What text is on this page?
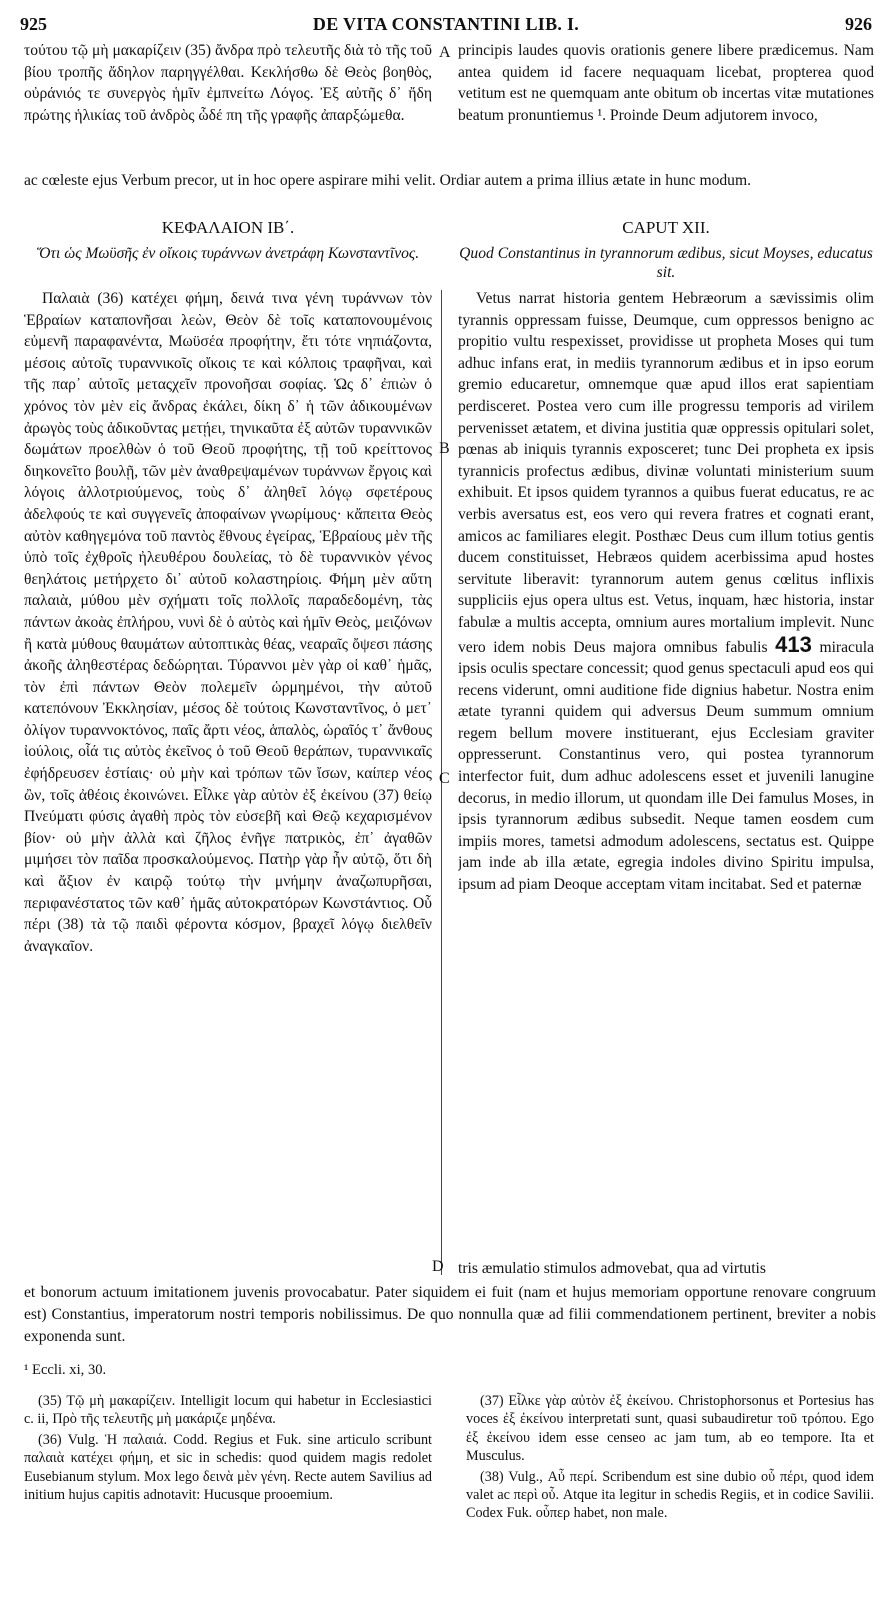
925	DE VITA CONSTANTINI LIB. I.	926

τούτου τῷ μὴ μακαρίζειν (35) ἄνδρα πρὸ τελευτῆς διὰ τὸ τῆς τοῦ βίου τροπῆς ἄδηλον παρηγγέλθαι. Κεκλήσθω δὲ Θεὸς βοηθὸς, οὐράνιός τε συνεργὸς ἡμῖν ἐμπνείτω Λόγος. Ἐξ αὐτῆς δ᾽ ἤδη πρώτης ἡλικίας τοῦ ἀνδρὸς ὧδέ πη τῆς γραφῆς ἀπαρξώμεθα.

principis laudes quovis orationis genere libere prædicemus. Nam antea quidem id facere nequaquam licebat, propterea quod vetitum est ne quemquam ante obitum ob incertas vitæ mutationes beatum pronuntiemus ¹. Proinde Deum adjutorem invoco,

ac cœleste ejus Verbum precor, ut in hoc opere aspirare mihi velit. Ordiar autem a prima illius ætate in hunc modum.
ΚΕΦΑΛΑΙΟΝ ΙΒ΄.
Ὅτι ὡς Μωϋσῆς ἐν οἴκοις τυράννων ἀνετράφη Κωνσταντῖνος.
CAPUT XII.
Quod Constantinus in tyrannorum ædibus, sicut Moyses, educatus sit.

Παλαιὰ (36) κατέχει φήμη, δεινά τινα γένη τυράννων τὸν Ἑβραίων καταπονῆσαι λεὼν, Θεὸν δὲ τοῖς καταπονουμένοις εὐμενῆ παραφανέντα, Μωϋσέα προφήτην, ἔτι τότε νηπιάζοντα, μέσοις αὐτοῖς τυραννικοῖς οἴκοις τε καὶ κόλποις τραφῆναι, καὶ τῆς παρ᾽ αὐτοῖς μεταςχεῖν προνοῆσαι σοφίας. Ὡς δ᾽ ἐπιὼν ὁ χρόνος τὸν μὲν εἰς ἄνδρας ἐκάλει, δίκη δ᾽ ἡ τῶν ἀδικουμένων ἀρωγὸς τοὺς ἀδικοῦντας μετῄει, τηνικαῦτα ἐξ αὐτῶν τυραννικῶν δωμάτων προελθὼν ὁ τοῦ Θεοῦ προφήτης, τῇ τοῦ κρείττονος διηκονεῖτο βουλῇ, τῶν μὲν ἀναθρεψαμένων τυράννων ἔργοις καὶ λόγοις ἀλλοτριούμενος, τοὺς δ᾽ ἀληθεῖ λόγῳ σφετέρους ἀδελφούς τε καὶ συγγενεῖς ἀποφαίνων γνωρίμους· κἄπειτα Θεὸς αὐτὸν καθηγεμόνα τοῦ παντὸς ἔθνους ἐγείρας, Ἑβραίους μὲν τῆς ὑπὸ τοῖς ἐχθροῖς ἠλευθέρου δουλείας, τὸ δὲ τυραννικὸν γένος θεηλάτοις μετήρχετο δι᾽ αὐτοῦ κολαστηρίοις. Φήμη μὲν αὕτη παλαιὰ, μύθου μὲν σχήματι τοῖς πολλοῖς παραδεδομένη, τὰς πάντων ἀκοὰς ἐπλήρου, νυνὶ δὲ ὁ αὐτὸς καὶ ἡμῖν Θεὸς, μειζόνων ἢ κατὰ μύθους θαυμάτων αὐτοπτικὰς θέας, νεαραῖς ὄψεσι πάσης ἀκοῆς ἀληθεστέρας δεδώρηται. Τύραννοι μὲν γὰρ οἱ καθ᾽ ἡμᾶς, τὸν ἐπὶ πάντων Θεὸν πολεμεῖν ὡρμημένοι, τὴν αὐτοῦ κατεπόνουν Ἐκκλησίαν, μέσος δὲ τούτοις Κωνσταντῖνος, ὁ μετ᾽ ὀλίγον τυραννοκτόνος, παῖς ἄρτι νέος, ἁπαλὸς, ὡραῖός τ᾽ ἄνθους ἰούλοις, οἷά τις αὐτὸς ἐκεῖνος ὁ τοῦ Θεοῦ θεράπων, τυραννικαῖς ἐφήδρευσεν ἑστίαις· οὐ μὴν καὶ τρόπων τῶν ἴσων, καίπερ νέος ὢν, τοῖς ἀθέοις ἐκοινώνει. Εἷλκε γὰρ αὐτὸν ἐξ ἐκείνου (37) θείῳ Πνεύματι φύσις ἀγαθὴ πρὸς τὸν εὐσεβῆ καὶ Θεῷ κεχαρισμένον βίον· οὐ μὴν ἀλλὰ καὶ ζῆλος ἐνῆγε πατρικὸς, ἐπ᾽ ἀγαθῶν μιμήσει τὸν παῖδα προσκαλούμενος. Πατὴρ γὰρ ἦν αὐτῷ, ὅτι δὴ καὶ ἄξιον ἐν καιρῷ τούτῳ τὴν μνήμην ἀναζωπυρῆσαι, περιφανέστατος τῶν καθ᾽ ἡμᾶς αὐτοκρατόρων Κωνστάντιος. Οὗ πέρι (38) τὰ τῷ παιδὶ φέροντα κόσμον, βραχεῖ λόγῳ διελθεῖν ἀναγκαῖον.

Vetus narrat historia gentem Hebræorum a sævissimis olim tyrannis oppressam fuisse, Deumque, cum oppressos benigno ac propitio vultu respexisset, providisse ut propheta Moses qui tum adhuc infans erat, in mediis tyrannorum ædibus et in ipso eorum gremio educaretur, omnemque quæ apud illos erat sapientiam perdisceret. Postea vero cum ille progressu temporis ad virilem pervenisset ætatem, et divina justitia quæ oppressis opitulari solet, pœnas ab iniquis tyrannis exposceret; tunc Dei propheta ex ipsis tyrannicis profectus ædibus, divinæ voluntati ministerium suum exhibuit. Et ipsos quidem tyrannos a quibus fuerat educatus, re ac verbis aversatus est, eos vero qui revera fratres et cognati erant, amicos ac familiares elegit. Posthæc Deus cum illum totius gentis ducem constituisset, Hebræos quidem acerbissima apud hostes servitute liberavit: tyrannorum autem genus cœlitus inflixis suppliciis ejus opera ultus est. Vetus, inquam, hæc historia, instar fabulæ a multis accepta, omnium aures mortalium implevit. Nunc vero idem nobis Deus majora omnibus fabulis 413 miracula ipsis oculis spectare concessit; quod genus spectaculi apud eos qui recens viderunt, omni auditione fide dignius habetur. Nostra enim ætate tyranni quidem qui adversus Deum summum omnium regem bellum movere instituerant, ejus Ecclesiam graviter oppresserunt. Constantinus vero, qui postea tyrannorum interfector fuit, dum adhuc adolescens esset et juvenili lanugine decorus, in medio illorum, ut quondam ille Dei famulus Moses, in ipsis tyrannorum ædibus subsedit. Neque tamen eosdem cum impiis mores, tametsi admodum adolescens, sectatus est. Quippe jam inde ab illa ætate, egregia indoles divino Spiritu impulsa, ipsum ad piam Deoque acceptam vitam incitabat. Sed et paternæ

tris æmulatio stimulos admovebat, qua ad virtutis

A
B
C
D
et bonorum actuum imitationem juvenis provocabatur. Pater siquidem ei fuit (nam et hujus memoriam opportune renovare congruum est) Constantius, imperatorum nostri temporis nobilissimus. De quo nonnulla quæ ad filii commendationem pertinent, breviter a nobis exponenda sunt.
¹ Eccli. xi, 30.

(35) Τῷ μὴ μακαρίζειν. Intelligit locum qui habetur in Ecclesiastici c. ii, Πρὸ τῆς τελευτῆς μὴ μακάριζε μηδένα.

(36) Vulg. Ἡ παλαιά. Codd. Regius et Fuk. sine articulo scribunt παλαιὰ κατέχει φήμη, et sic in schedis: quod quidem magis redolet Eusebianum stylum. Mox lego δεινὰ μὲν γένη. Recte autem Savilius ad initium hujus capitis adnotavit: Hucusque prooemium.

(37) Εἷλκε γὰρ αὐτὸν ἐξ ἐκείνου. Christophorsonus et Portesius has voces ἐξ ἐκείνου interpretati sunt, quasi subaudiretur τοῦ τρόπου. Ego ἐξ ἐκείνου idem esse censeo ac jam tum, ab eo tempore. Ita et Musculus.

(38) Vulg., Αὖ περί. Scribendum est sine dubio οὗ πέρι, quod idem valet ac περὶ οὗ. Atque ita legitur in schedis Regiis, et in codice Savilii. Codex Fuk. οὗπερ habet, non male.
